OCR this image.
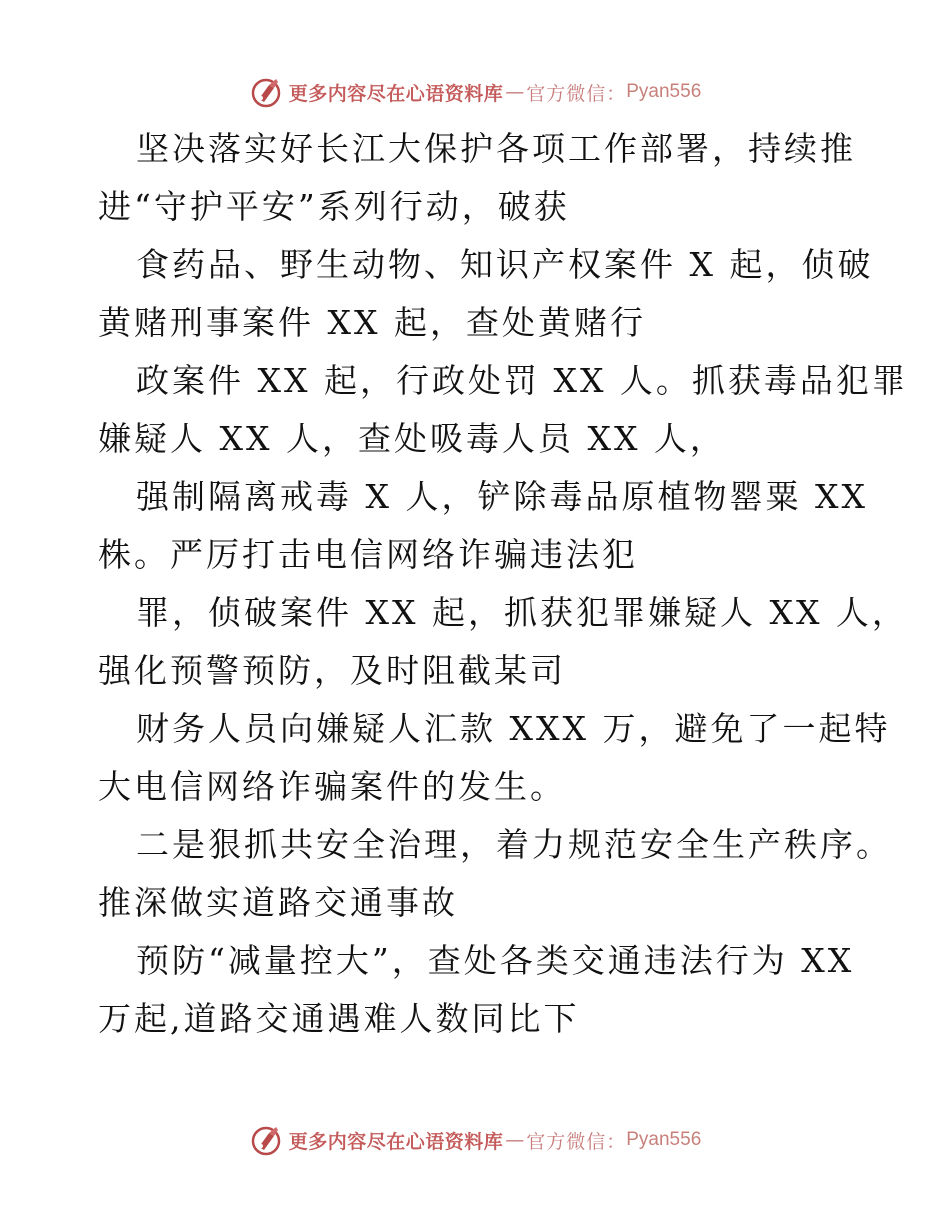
更多内容尽在心语资料库 — 官方微信： Pyan556
坚决落实好长江大保护各项工作部署，持续推
进“守护平安”系列行动，破获
食药品、野生动物、知识产权案件 X 起，侦破
黄赌刑事案件 XX 起，查处黄赌行
政案件 XX 起，行政处罚 XX 人。抓获毒品犯罪
嫌疑人 XX 人，查处吸毒人员 XX 人，
强制隔离戒毒 X 人，铲除毒品原植物罂粟 XX
株。严厉打击电信网络诈骗违法犯
罪，侦破案件 XX 起，抓获犯罪嫌疑人 XX 人，
强化预警预防，及时阻截某司
财务人员向嫌疑人汇款 XXX 万，避免了一起特
大电信网络诈骗案件的发生。
二是狠抓共安全治理，着力规范安全生产秩序。
推深做实道路交通事故
预防“减量控大”，查处各类交通违法行为 XX
万起,道路交通遇难人数同比下
更多内容尽在心语资料库 — 官方微信： Pyan556
